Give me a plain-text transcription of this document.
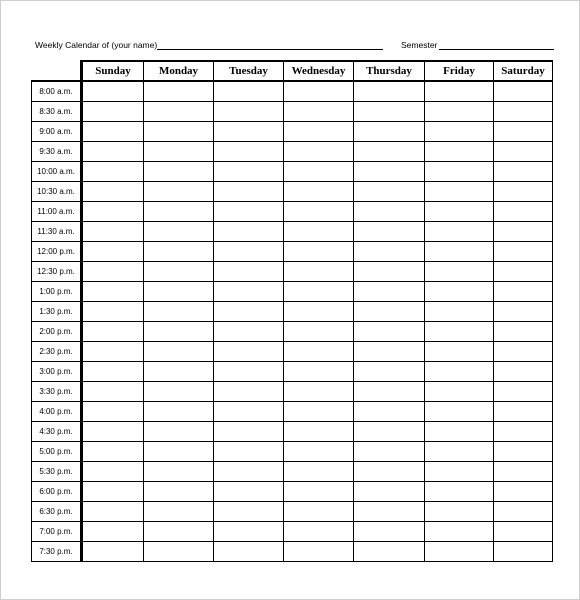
Weekly Calendar of (your name)	Semester
	Sunday	Monday	Tuesday	Wednesday	Thursday	Friday	Saturday
8:00 a.m.							
8:30 a.m.							
9:00 a.m.							
9:30 a.m.							
10:00 a.m.							
10:30 a.m.							
11:00 a.m.							
11:30 a.m.							
12:00 p.m.							
12:30 p.m.							
1:00 p.m.							
1:30 p.m.							
2:00 p.m.							
2:30 p.m.							
3:00 p.m.							
3:30 p.m.							
4:00 p.m.							
4:30 p.m.							
5:00 p.m.							
5:30 p.m.							
6:00 p.m.							
6:30 p.m.							
7:00 p.m.							
7:30 p.m.							
